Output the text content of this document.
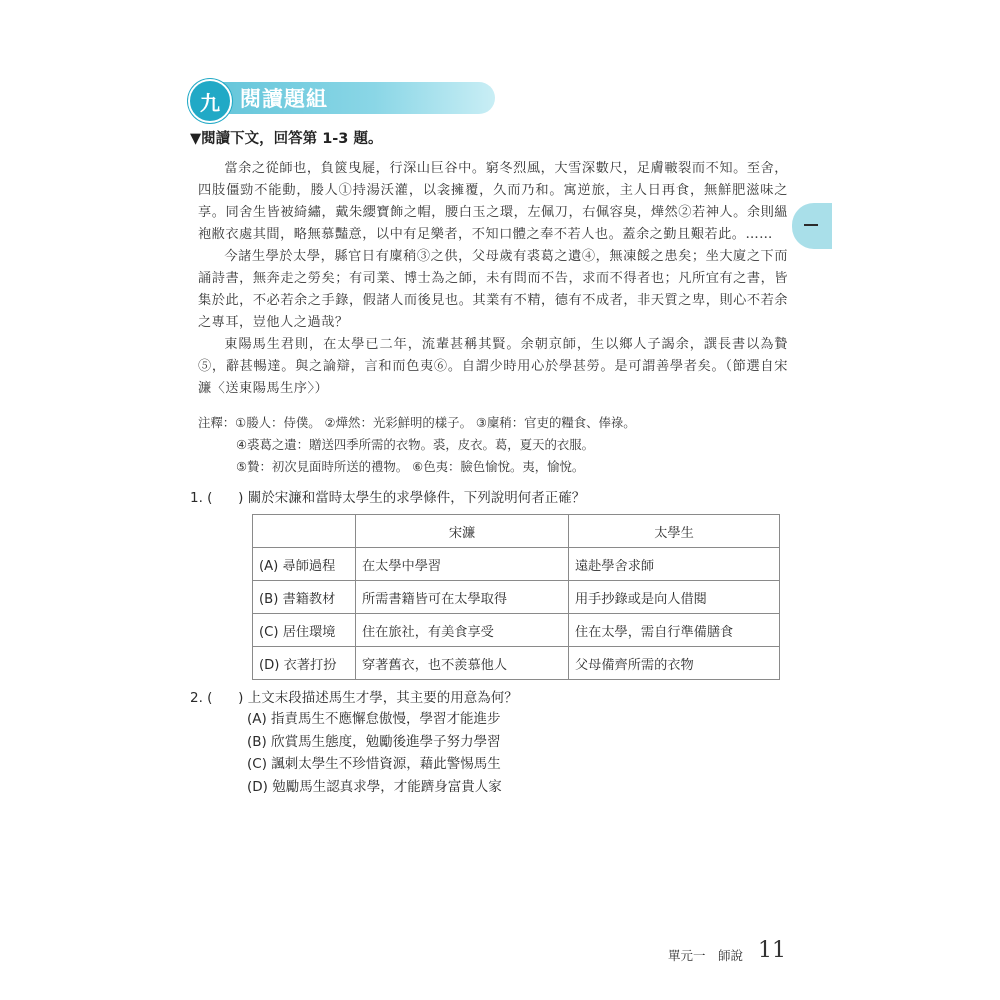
九 閱讀題組
▼閱讀下文，回答第 1-3 題。

當余之從師也，負篋曳屣，行深山巨谷中。窮冬烈風，大雪深數尺，足膚皸裂而不知。至舍，四肢僵勁不能動，媵人①持湯沃灌，以衾擁覆，久而乃和。寓逆旅，主人日再食，無鮮肥滋味之享。同舍生皆被綺繡，戴朱纓寶飾之帽，腰白玉之環，左佩刀，右佩容臭，燁然②若神人。余則縕袍敝衣處其間，略無慕豔意，以中有足樂者，不知口體之奉不若人也。蓋余之勤且艱若此。……

今諸生學於太學，縣官日有廩稍③之供，父母歲有裘葛之遺④，無凍餒之患矣；坐大廈之下而誦詩書，無奔走之勞矣；有司業、博士為之師，未有問而不告，求而不得者也；凡所宜有之書，皆集於此，不必若余之手錄，假諸人而後見也。其業有不精，德有不成者，非天質之卑，則心不若余之專耳，豈他人之過哉？

東陽馬生君則，在太學已二年，流輩甚稱其賢。余朝京師，生以鄉人子謁余，譔長書以為贄⑤，辭甚暢達。與之論辯，言和而色夷⑥。自謂少時用心於學甚勞。是可謂善學者矣。（節選自宋濂〈送東陽馬生序〉）

注釋：①媵人：侍僕。 ②燁然：光彩鮮明的樣子。 ③廩稍：官吏的糧食、俸祿。
④裘葛之遺：贈送四季所需的衣物。裘，皮衣。葛，夏天的衣服。
⑤贄：初次見面時所送的禮物。 ⑥色夷：臉色愉悅。夷，愉悅。
1. (      ) 關於宋濂和當時太學生的求學條件，下列說明何者正確？
	宋濂	太學生
(A) 尋師過程	在太學中學習	遠赴學舍求師
(B) 書籍教材	所需書籍皆可在太學取得	用手抄錄或是向人借閱
(C) 居住環境	住在旅社，有美食享受	住在太學，需自行準備膳食
(D) 衣著打扮	穿著舊衣，也不羨慕他人	父母備齊所需的衣物
2. (      ) 上文末段描述馬生才學，其主要的用意為何？
(A) 指責馬生不應懈怠傲慢，學習才能進步
(B) 欣賞馬生態度，勉勵後進學子努力學習
(C) 諷刺太學生不珍惜資源，藉此警惕馬生
(D) 勉勵馬生認真求學，才能躋身富貴人家
單元一　師說 11
